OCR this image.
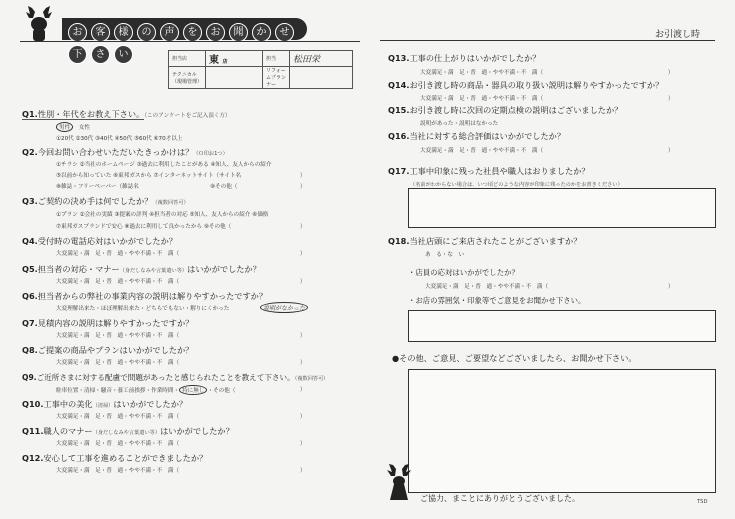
お 客 様 の 声 を お 聞 か せ下 さ い
お引渡し時
担当店	東 店	担当	松田栄
テクニカル（現場管理）		リフォームプランナー	
Q1.性別・年代をお教え下さい。（このアンケートをご記入頂く方）
男性　 女性
①20代 ②30代 ③40代 ④50代 ⑤60代 ⑥70才以上
Q2.今回お問い合わせいただいたきっかけは？（Ｏ印お1つ）
①チラシ ②当社のホームページ ③過去に利用したことがある ④知人、友人からの紹介
⑤以前から知っていた ⑥東邦ガスから ⑦インターネットサイト（サイト名	）
⑧雑誌・フリーペーパー（雑誌名	⑨その他（	）
Q3.ご契約の決め手は何でしたか？（複数回答可）
①プラン ②会社の実績 ③提案の評判 ④担当者の対応 ⑤知人、友人からの紹介 ⑥価格
⑦東邦ガスブランドで安心 ⑧過去に利用して良かったから ⑨その他（	）
Q4.受付時の電話応対はいかがでしたか？
大変満足・満　足・普　通・やや不満・不　満（	）
Q5.担当者の対応・マナー（身だしなみや言葉遣い等）はいかがでしたか？
大変満足・満　足・普　通・やや不満・不　満（	）
Q6.担当者からの弊社の事業内容の説明は解りやすかったですか？
大変理解出来た・ほぼ理解出来た・どちらでもない・解りにくかった	説明がなかった
Q7.見積内容の説明は解りやすかったですか？
大変満足・満　足・普　通・やや不満・不　満（	）
Q8.ご提案の商品やプランはいかがでしたか？
大変満足・満　足・普　通・やや不満・不　満（	）
Q9.ご近所さまに対する配慮で問題があったと感じられたことを教えて下さい。（複数回答可）
駐車位置・清掃・騒音・養工前挨拶・作業時間・ 特に無し ・その他（	）
Q10.工事中の美化（清掃）はいかがでしたか？
大変満足・満　足・普　通・やや不満・不　満（	）
Q11.職人のマナー（身だしなみや言葉遣い等）はいかがでしたか？
大変満足・満　足・普　通・やや不満・不　満（	）
Q12.安心して工事を進めることができましたか？
大変満足・満　足・普　通・やや不満・不　満（	）
Q13.工事の仕上がりはいかがでしたか？
大変満足・満　足・普　通・やや不満・不　満（	）
Q14.お引き渡し時の商品・器具の取り扱い説明は解りやすかったですか？
大変満足・満　足・普　通・やや不満・不　満（	）
Q15.お引き渡し時に次回の定期点検の説明はございましたか？
説明があった・説明はなかった
Q16.当社に対する総合評価はいかがでしたか？
大変満足・満　足・普　通・やや不満・不　満（	）
Q17.工事中印象に残った社員や職人はおりましたか？
（名前がわからない場合は、いつ頃どのような内容が印象に残ったのかをお書きください）
Q18.当社店頭にご来店されたことがございますか？
あ　る・な　い
・店員の応対はいかがでしたか？
大変満足・満　足・普　通・やや不満・不　満（	）
・お店の雰囲気・印象等でご意見をお聞かせ下さい。
●その他、ご意見、ご要望などございましたら、お聞かせ下さい。
ご協力、まことにありがとうございました。	TSD
